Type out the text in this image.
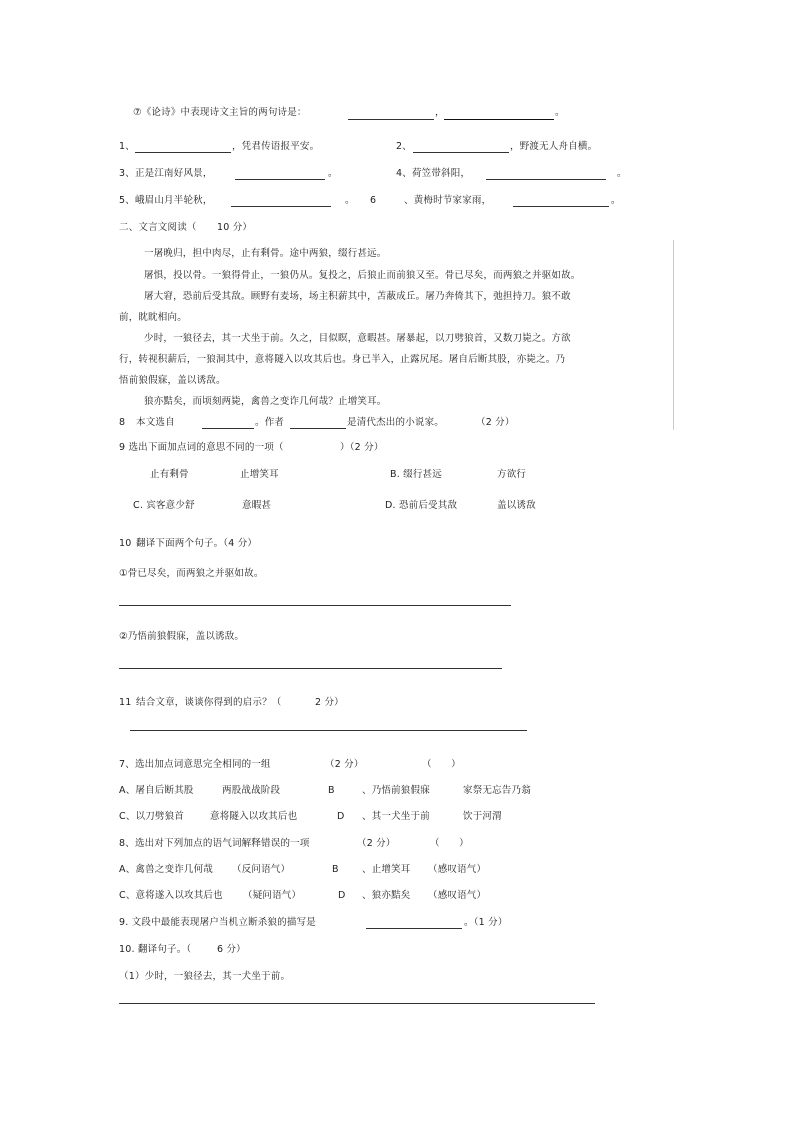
⑦《论诗》中表现诗文主旨的两句诗是：	，	。
1、	，凭君传语报平安。	2、	，野渡无人舟自横。
3、正是江南好风景，	。	4、荷笠带斜阳，	。
5、峨眉山月半轮秋，	。 6	、黄梅时节家家雨，	。
二、文言文阅读（ 10 分）
一屠晚归，担中肉尽，止有剩骨。途中两狼，缀行甚远。
屠惧，投以骨。一狼得骨止，一狼仍从。复投之，后狼止而前狼又至。骨已尽矣，而两狼之并驱如故。
屠大窘，恐前后受其敌。顾野有麦场，场主积薪其中，苫蔽成丘。屠乃奔倚其下，弛担持刀。狼不敢
前，眈眈相向。
少时，一狼径去，其一犬坐于前。久之，目似瞑，意暇甚。屠暴起，以刀劈狼首，又数刀毙之。方欲
行，转视积薪后，一狼洞其中，意将隧入以攻其后也。身已半入，止露尻尾。屠自后断其股，亦毙之。乃
悟前狼假寐，盖以诱敌。
狼亦黠矣，而顷刻两毙，禽兽之变诈几何哉？止增笑耳。
8 本文选自	。作者	是清代杰出的小说家。	（2 分）
9 选出下面加点词的意思不同的一项（	）（2 分）
止有剩骨	止增笑耳	B. 缀行甚远	方欲行
C. 宾客意少舒	意暇甚	D. 恐前后受其敌	盖以诱敌
10 翻译下面两个句子。（4 分）
①骨已尽矣，而两狼之并驱如故。
②乃悟前狼假寐，盖以诱敌。
11 结合文章，谈谈你得到的启示？（	2 分）
7、选出加点词意思完全相同的一组	（2 分）	（　　）
A、屠自后断其股	两股战战阶段	B	、乃悟前狼假寐	家祭无忘告乃翁
C、以刀劈狼首	意将隧入以攻其后也	D 、其一犬坐于前	饮于河渭
8、选出对下列加点的语气词解释错误的一项	（2 分）	（　　）
A、禽兽之变诈几何哉 （反问语气）	B 、止增笑耳 （感叹语气）
C、意将遂入以攻其后也 （疑问语气）	D 、狼亦黠矣 （感叹语气）
9. 文段中最能表现屠户当机立断杀狼的描写是	。（1 分）
10. 翻译句子。（	6 分）
（1）少时，一狼径去，其一犬坐于前。
